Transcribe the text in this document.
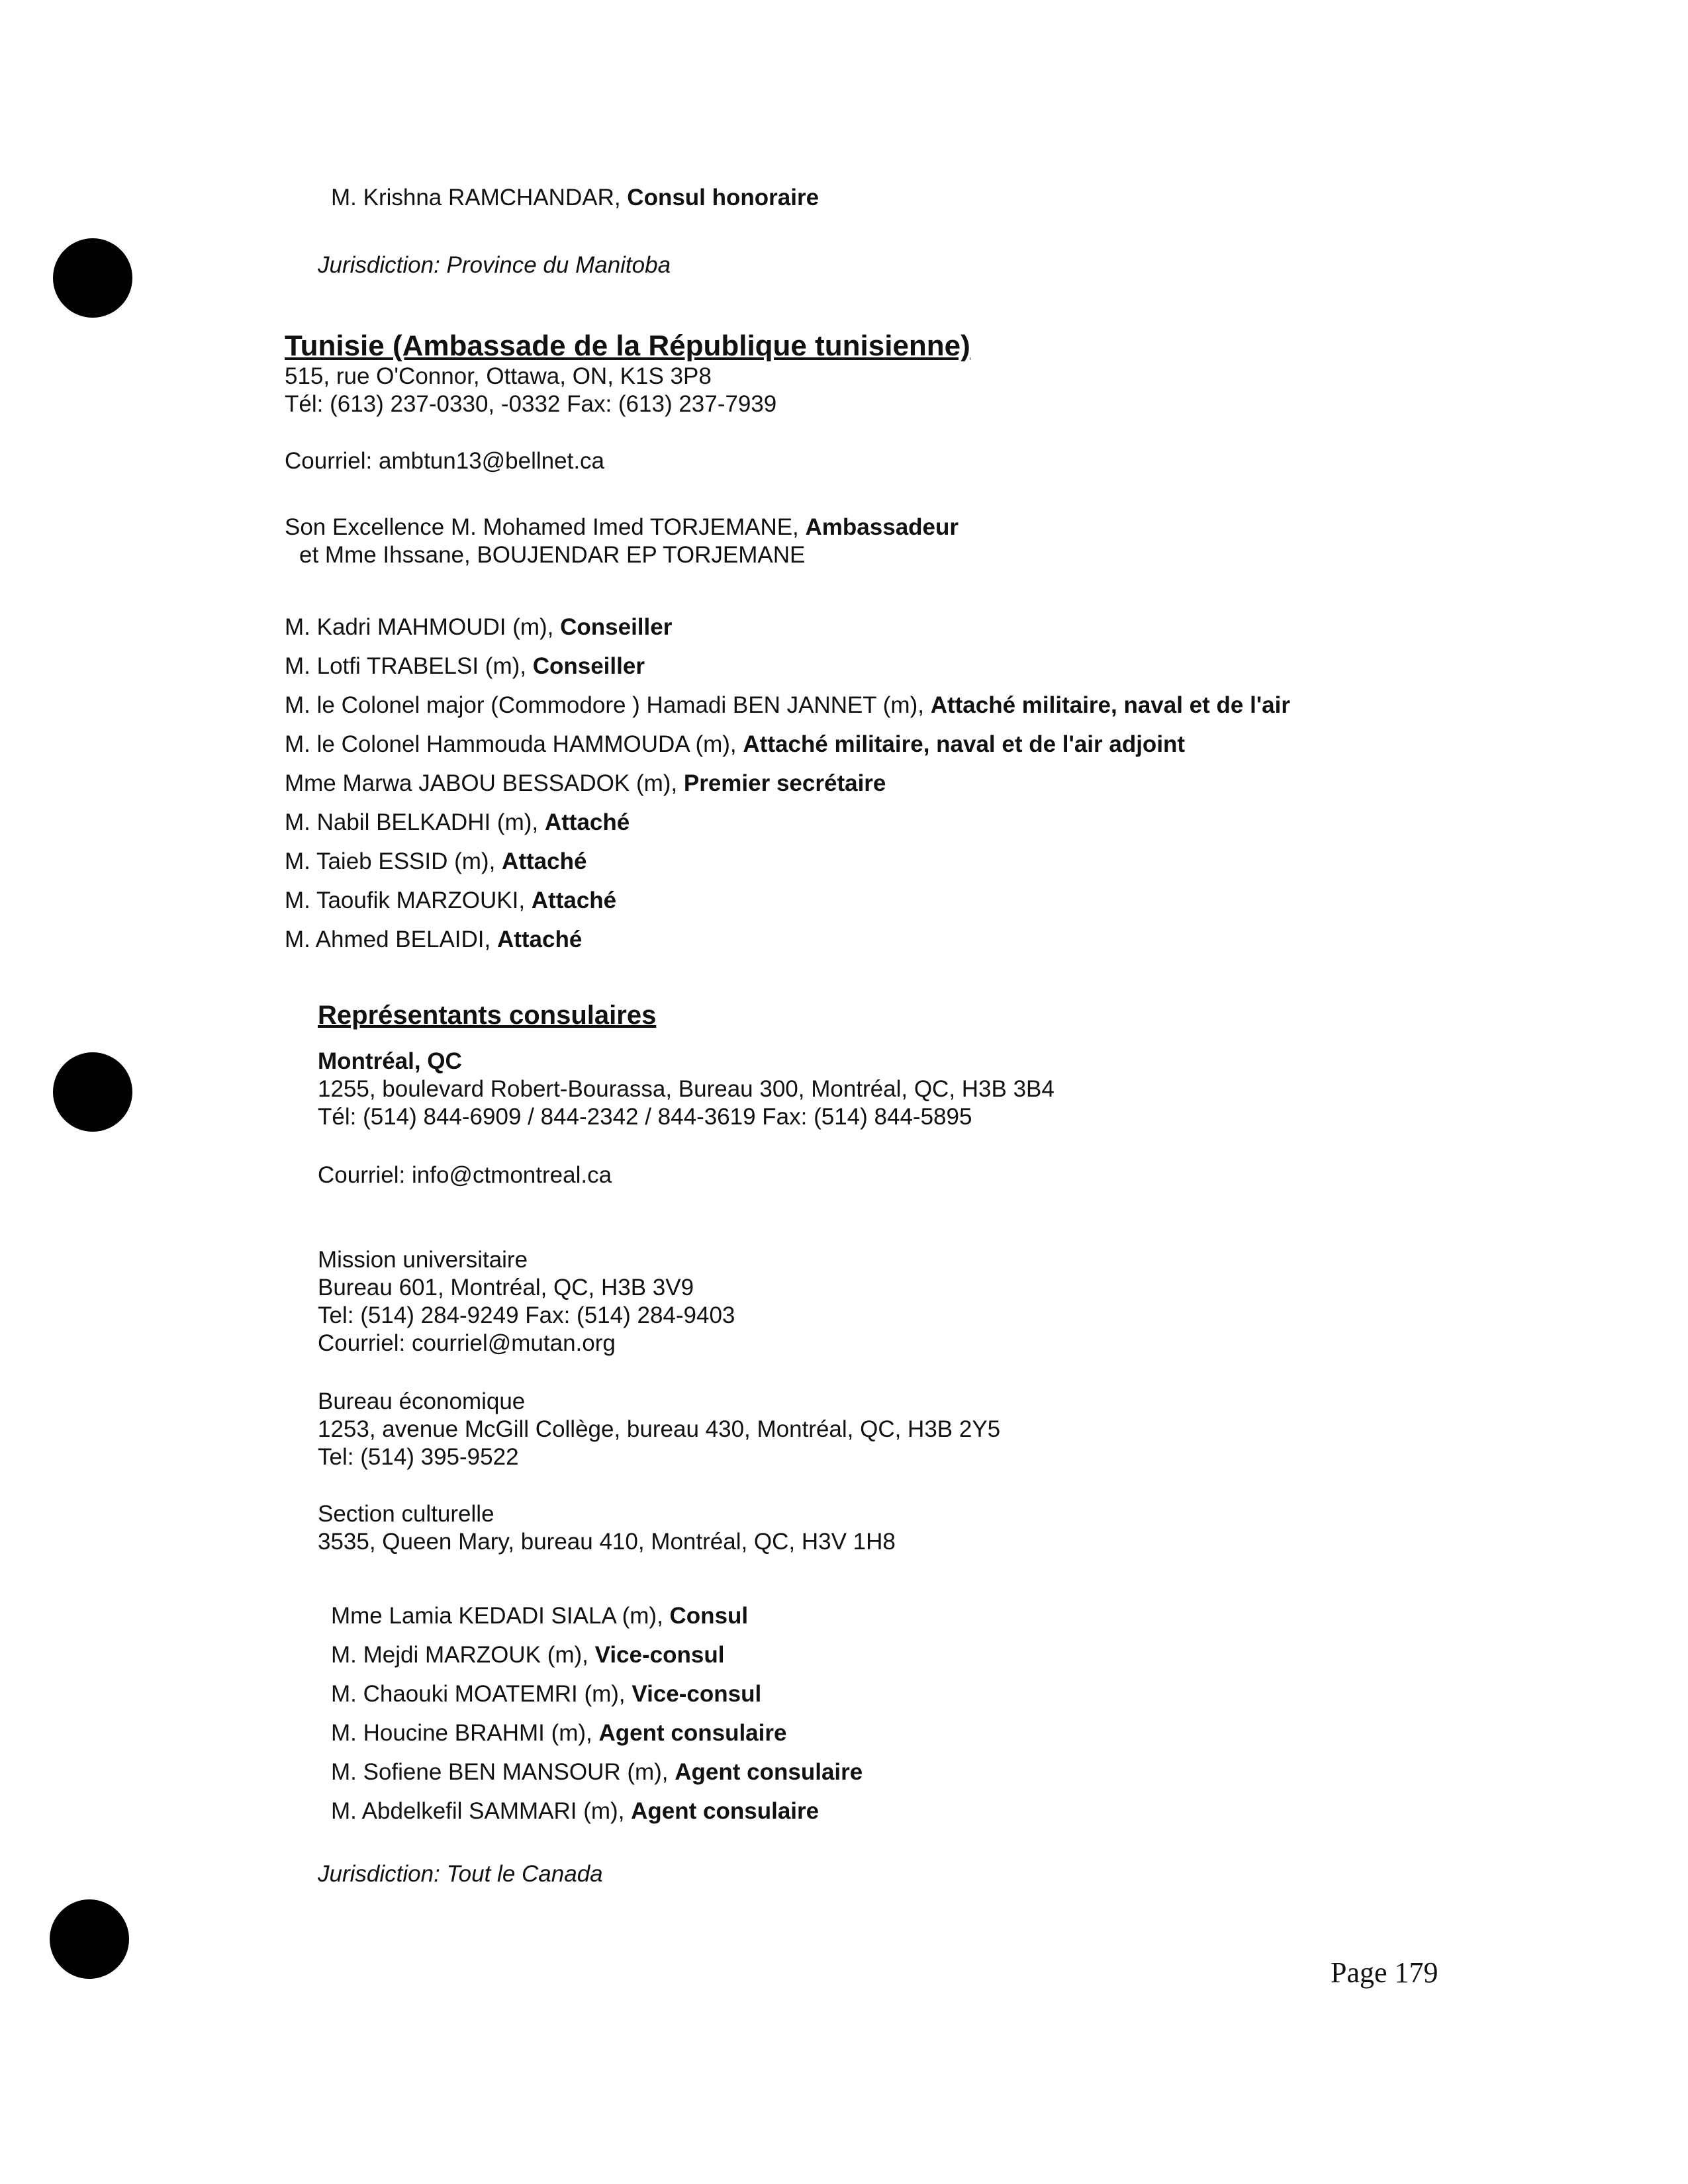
M. Krishna RAMCHANDAR, Consul honoraire
Jurisdiction: Province du Manitoba
Tunisie (Ambassade de la République tunisienne)
515, rue O'Connor, Ottawa, ON, K1S 3P8
Tél: (613) 237-0330, -0332 Fax: (613) 237-7939
Courriel: ambtun13@bellnet.ca
Son Excellence M. Mohamed Imed TORJEMANE, Ambassadeur
et Mme Ihssane, BOUJENDAR EP TORJEMANE
M. Kadri MAHMOUDI (m), Conseiller
M. Lotfi TRABELSI (m), Conseiller
M. le Colonel major (Commodore ) Hamadi BEN JANNET (m), Attaché militaire, naval et de l'air
M. le Colonel Hammouda HAMMOUDA (m), Attaché militaire, naval et de l'air adjoint
Mme Marwa JABOU BESSADOK (m), Premier secrétaire
M. Nabil BELKADHI (m), Attaché
M. Taieb ESSID (m), Attaché
M. Taoufik MARZOUKI, Attaché
M. Ahmed BELAIDI, Attaché
Représentants consulaires
Montréal, QC
1255, boulevard Robert-Bourassa, Bureau 300, Montréal, QC, H3B 3B4
Tél: (514) 844-6909 / 844-2342 / 844-3619 Fax: (514) 844-5895
Courriel: info@ctmontreal.ca
Mission universitaire
Bureau 601, Montréal, QC, H3B 3V9
Tel: (514) 284-9249 Fax: (514) 284-9403
Courriel: courriel@mutan.org
Bureau économique
1253, avenue McGill Collège, bureau 430, Montréal, QC, H3B 2Y5
Tel: (514) 395-9522
Section culturelle
3535, Queen Mary, bureau 410, Montréal, QC, H3V 1H8
Mme Lamia KEDADI SIALA (m), Consul
M. Mejdi MARZOUK (m), Vice-consul
M. Chaouki MOATEMRI (m), Vice-consul
M. Houcine BRAHMI (m), Agent consulaire
M. Sofiene BEN MANSOUR (m), Agent consulaire
M. Abdelkefil SAMMARI (m), Agent consulaire
Jurisdiction: Tout le Canada
Page 179
